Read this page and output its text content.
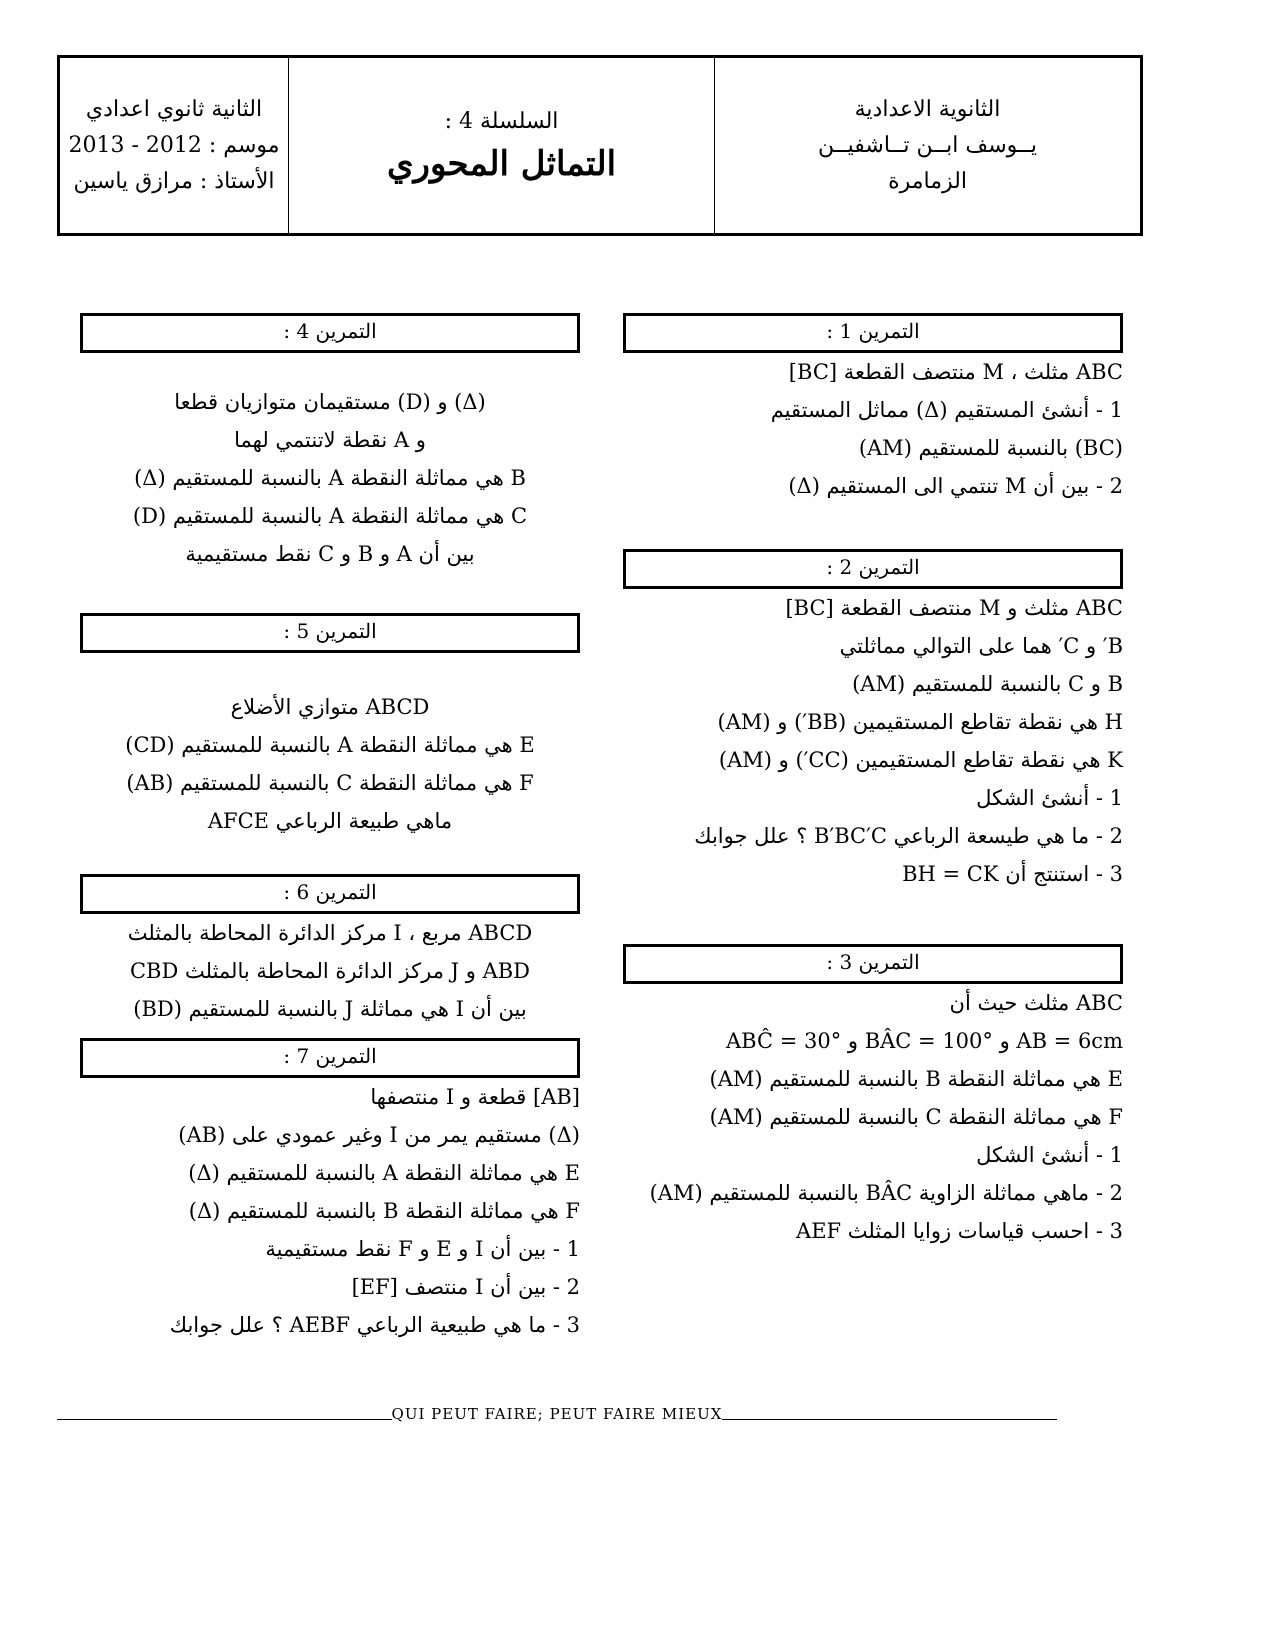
الثانوية الاعدادية
يــوسف ابــن تــاشفيــن
الزمامرة
السلسلة 4 :
التماثل المحوري
الثانية ثانوي اعدادي
موسم : 2012 - 2013
الأستاذ : مرازق ياسين
التمرين 1 :
ABC مثلث ، M منتصف القطعة [BC]
1 - أنشئ المستقيم (Δ) مماثل المستقيم
(BC) بالنسبة للمستقيم (AM)
2 - بين أن M تنتمي الى المستقيم (Δ)
التمرين 2 :
ABC مثلث و M منتصف القطعة [BC]
B′ و C′ هما على التوالي مماثلتي
B و C بالنسبة للمستقيم (AM)
H هي نقطة تقاطع المستقيمين (BB′) و (AM)
K هي نقطة تقاطع المستقيمين (CC′) و (AM)
1 - أنشئ الشكل
2 - ما هي طيسعة الرباعي B′BC′C ؟ علل جوابك
3 - استنتج أن BH = CK
التمرين 3 :
ABC مثلث حيث أن
AB = 6cm و BÂC = 100° و ABĈ = 30°
E هي مماثلة النقطة B بالنسبة للمستقيم (AM)
F هي مماثلة النقطة C بالنسبة للمستقيم (AM)
1 - أنشئ الشكل
2 - ماهي مماثلة الزاوية BÂC بالنسبة للمستقيم (AM)
3 - احسب قياسات زوايا المثلث AEF
التمرين 4 :
(Δ) و (D) مستقيمان متوازيان قطعا
و A نقطة لاتنتمي لهما
B هي مماثلة النقطة A بالنسبة للمستقيم (Δ)
C هي مماثلة النقطة A بالنسبة للمستقيم (D)
بين أن A و B و C نقط مستقيمية
التمرين 5 :
ABCD متوازي الأضلاع
E هي مماثلة النقطة A بالنسبة للمستقيم (CD)
F هي مماثلة النقطة C بالنسبة للمستقيم (AB)
ماهي طبيعة الرباعي AFCE
التمرين 6 :
ABCD مربع ، I مركز الدائرة المحاطة بالمثلث
ABD و J مركز الدائرة المحاطة بالمثلث CBD
بين أن I هي مماثلة J بالنسبة للمستقيم (BD)
التمرين 7 :
[AB] قطعة و I منتصفها
(Δ) مستقيم يمر من I وغير عمودي على (AB)
E هي مماثلة النقطة A بالنسبة للمستقيم (Δ)
F هي مماثلة النقطة B بالنسبة للمستقيم (Δ)
1 - بين أن I و E و F نقط مستقيمية
2 - بين أن I منتصف [EF]
3 - ما هي طبيعية الرباعي AEBF ؟ علل جوابك
QUI PEUT FAIRE; PEUT FAIRE MIEUX
